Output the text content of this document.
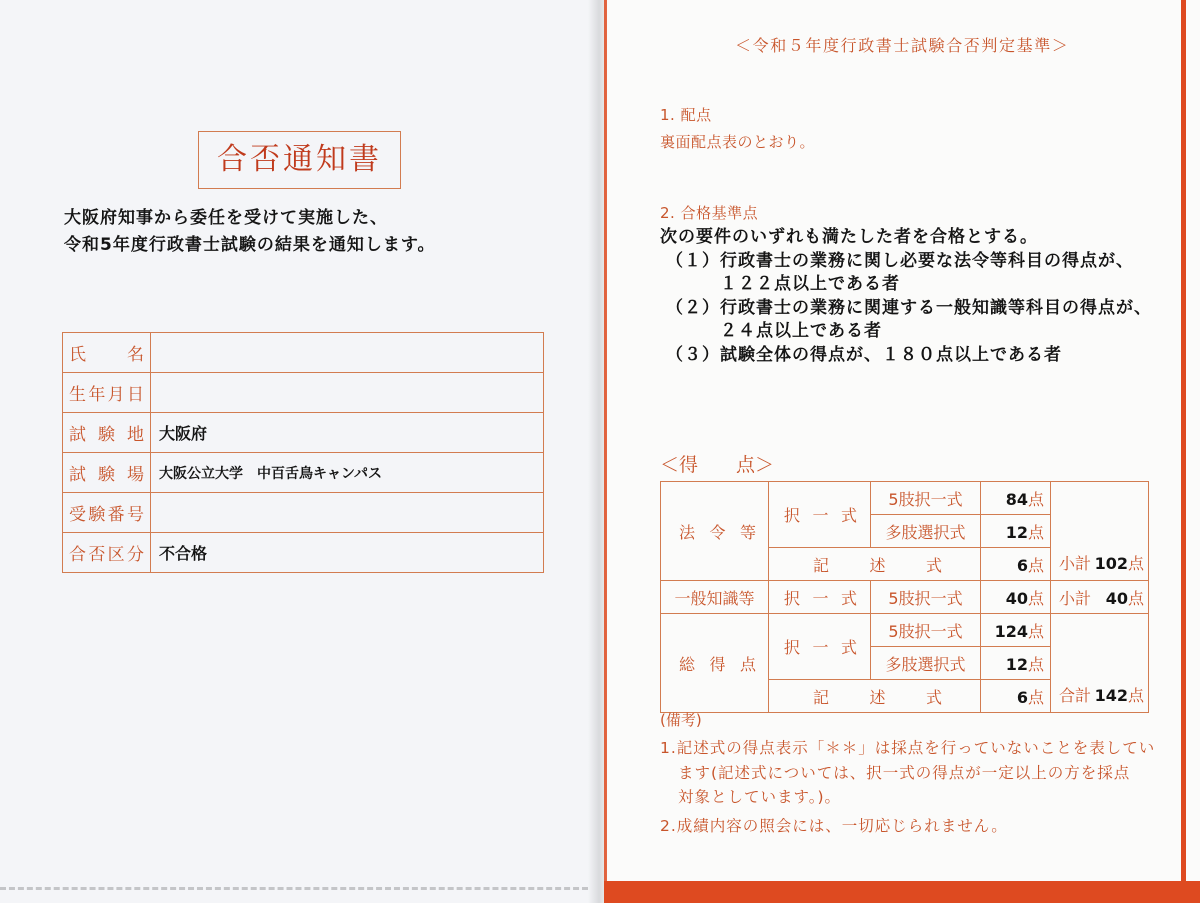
合否通知書
大阪府知事から委任を受けて実施した、
令和5年度行政書士試験の結果を通知します。
氏　名	

生年月日	

試 験 地	大阪府

試 験 場	大阪公立大学　中百舌鳥キャンパス

受験番号	

合否区分	不合格
＜令和５年度行政書士試験合否判定基準＞
1. 配点
裏面配点表のとおり。
2. 合格基準点
次の要件のいずれも満たした者を合格とする。
（１）行政書士の業務に関し必要な法令等科目の得点が、
１２２点以上である者
（２）行政書士の業務に関連する一般知識等科目の得点が、
２４点以上である者
（３）試験全体の得点が、１８０点以上である者
＜得　　点＞
法 令 等	択 一 式	5肢択一式	84点	小計 102点

		多肢選択式	12点	

	記 述 式		6点	
一般知識等	択 一 式	5肢択一式	40点	小計 40点

総 得 点	択 一 式	5肢択一式	124点	合計 142点

		多肢選択式	12点	

	記 述 式		6点	
(備考)
1.記述式の得点表示「＊＊」は採点を行っていないことを表してい
ます(記述式については、択一式の得点が一定以上の方を採点
対象としています。)。
2.成績内容の照会には、一切応じられません。
